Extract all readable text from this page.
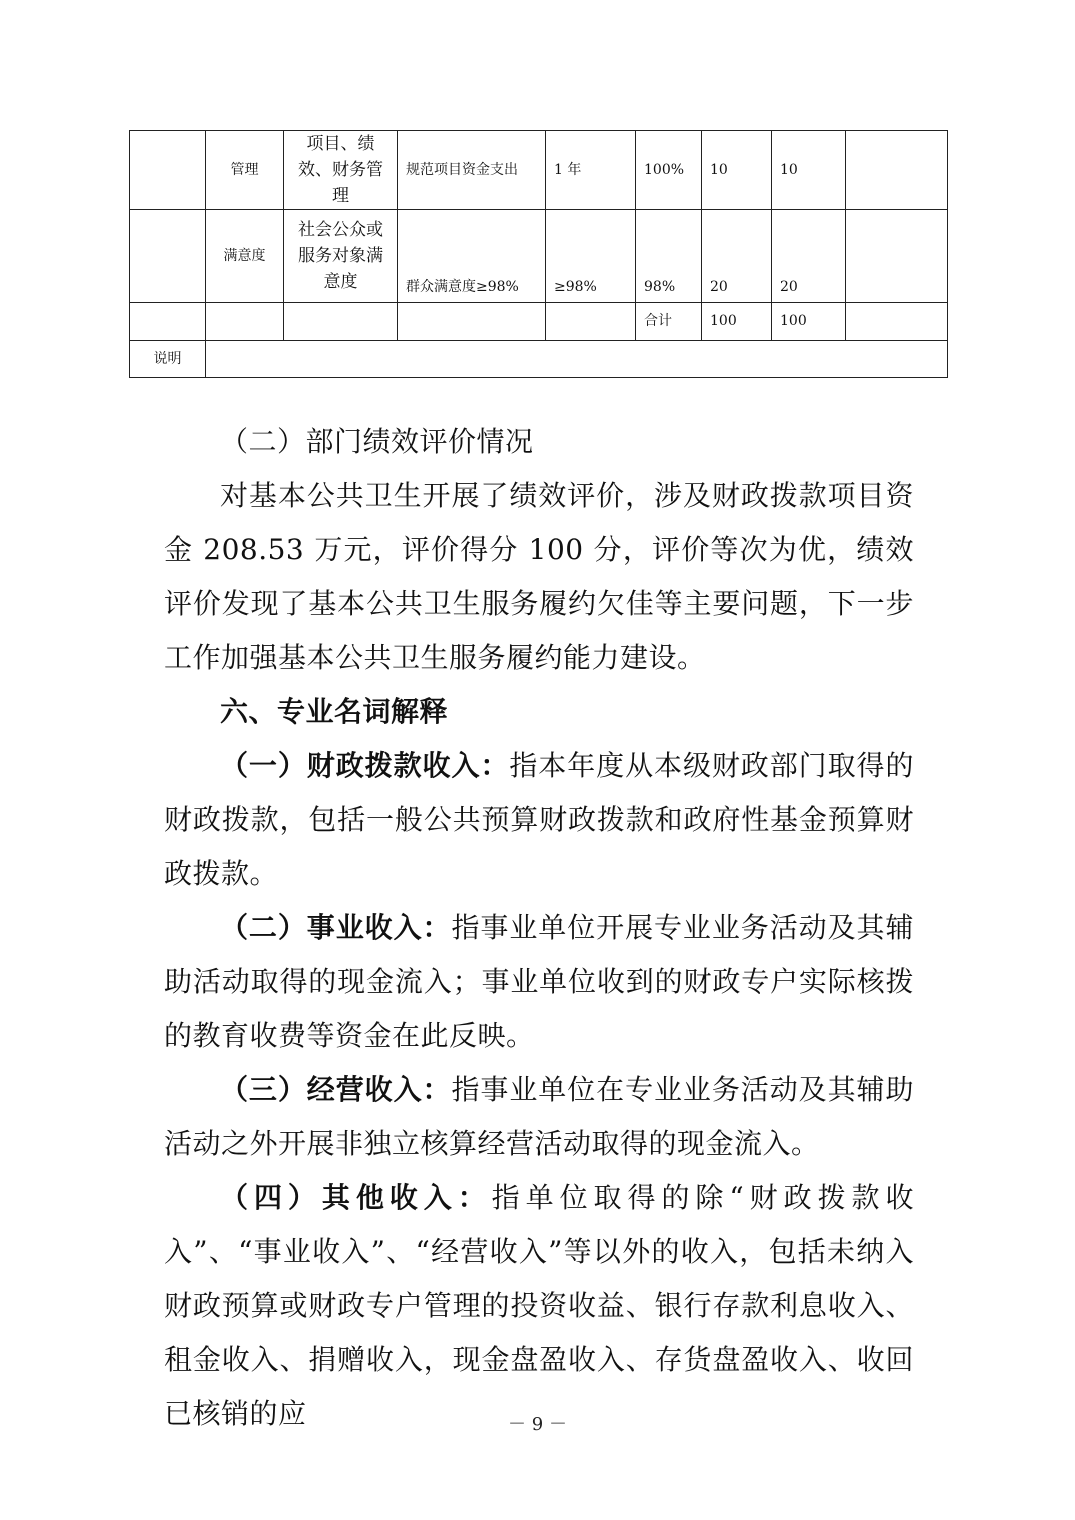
	管理	项目、绩效、财务管理	规范项目资金支出	1 年	100%	10	10	
	满意度	社会公众或服务对象满意度	群众满意度≥98%	≥98%	98%	20	20	
					合计	100	100	
说明								

（二）部门绩效评价情况

对基本公共卫生开展了绩效评价，涉及财政拨款项目资金 208.53 万元，评价得分 100 分，评价等次为优，绩效评价发现了基本公共卫生服务履约欠佳等主要问题，下一步工作加强基本公共卫生服务履约能力建设。

六、专业名词解释

（一）财政拨款收入：指本年度从本级财政部门取得的财政拨款，包括一般公共预算财政拨款和政府性基金预算财政拨款。

（二）事业收入：指事业单位开展专业业务活动及其辅助活动取得的现金流入；事业单位收到的财政专户实际核拨的教育收费等资金在此反映。

（三）经营收入：指事业单位在专业业务活动及其辅助活动之外开展非独立核算经营活动取得的现金流入。

（四）其他收入：指单位取得的除“财政拨款收入”、“事业收入”、“经营收入”等以外的收入，包括未纳入财政预算或财政专户管理的投资收益、银行存款利息收入、租金收入、捐赠收入，现金盘盈收入、存货盘盈收入、收回已核销的应	－ 9 －
